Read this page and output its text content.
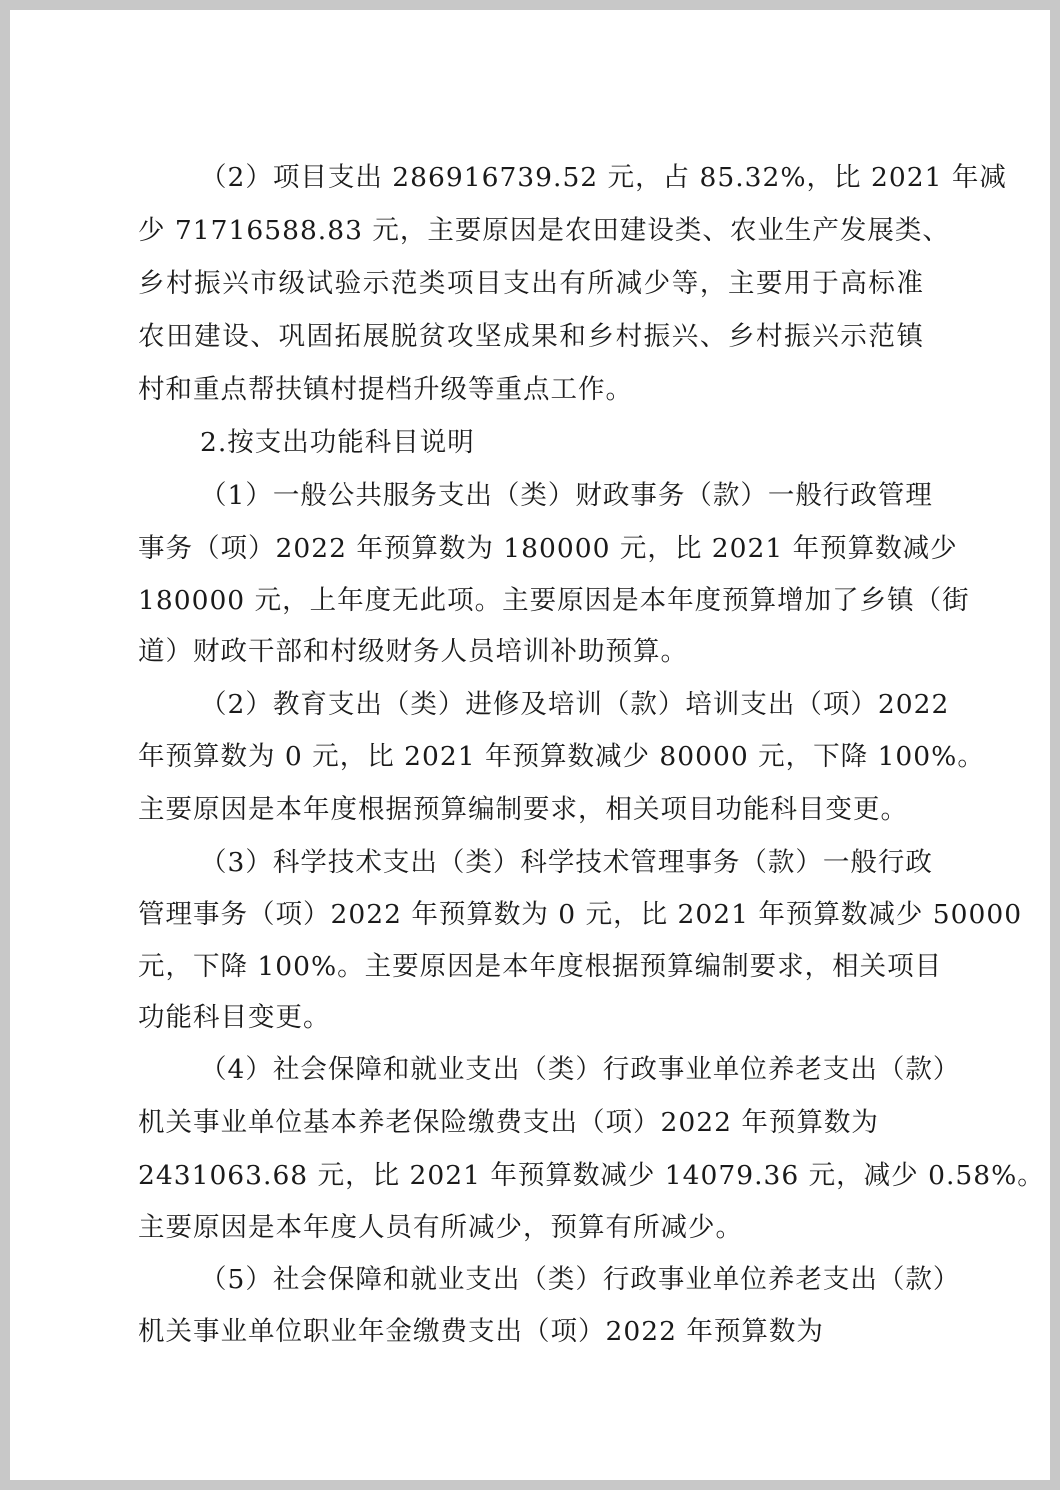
（2）项目支出 286916739.52 元，占 85.32%，比 2021 年减
少 71716588.83 元，主要原因是农田建设类、农业生产发展类、
乡村振兴市级试验示范类项目支出有所减少等，主要用于高标准
农田建设、巩固拓展脱贫攻坚成果和乡村振兴、乡村振兴示范镇
村和重点帮扶镇村提档升级等重点工作。
2.按支出功能科目说明
（1）一般公共服务支出（类）财政事务（款）一般行政管理
事务（项）2022 年预算数为 180000 元，比 2021 年预算数减少
180000 元，上年度无此项。主要原因是本年度预算增加了乡镇（街
道）财政干部和村级财务人员培训补助预算。
（2）教育支出（类）进修及培训（款）培训支出（项）2022
年预算数为 0 元，比 2021 年预算数减少 80000 元，下降 100%。
主要原因是本年度根据预算编制要求，相关项目功能科目变更。
（3）科学技术支出（类）科学技术管理事务（款）一般行政
管理事务（项）2022 年预算数为 0 元，比 2021 年预算数减少 50000
元，下降 100%。主要原因是本年度根据预算编制要求，相关项目
功能科目变更。
（4）社会保障和就业支出（类）行政事业单位养老支出（款）
机关事业单位基本养老保险缴费支出（项）2022 年预算数为
2431063.68 元，比 2021 年预算数减少 14079.36 元，减少 0.58%。
主要原因是本年度人员有所减少，预算有所减少。
（5）社会保障和就业支出（类）行政事业单位养老支出（款）
机关事业单位职业年金缴费支出（项）2022 年预算数为
